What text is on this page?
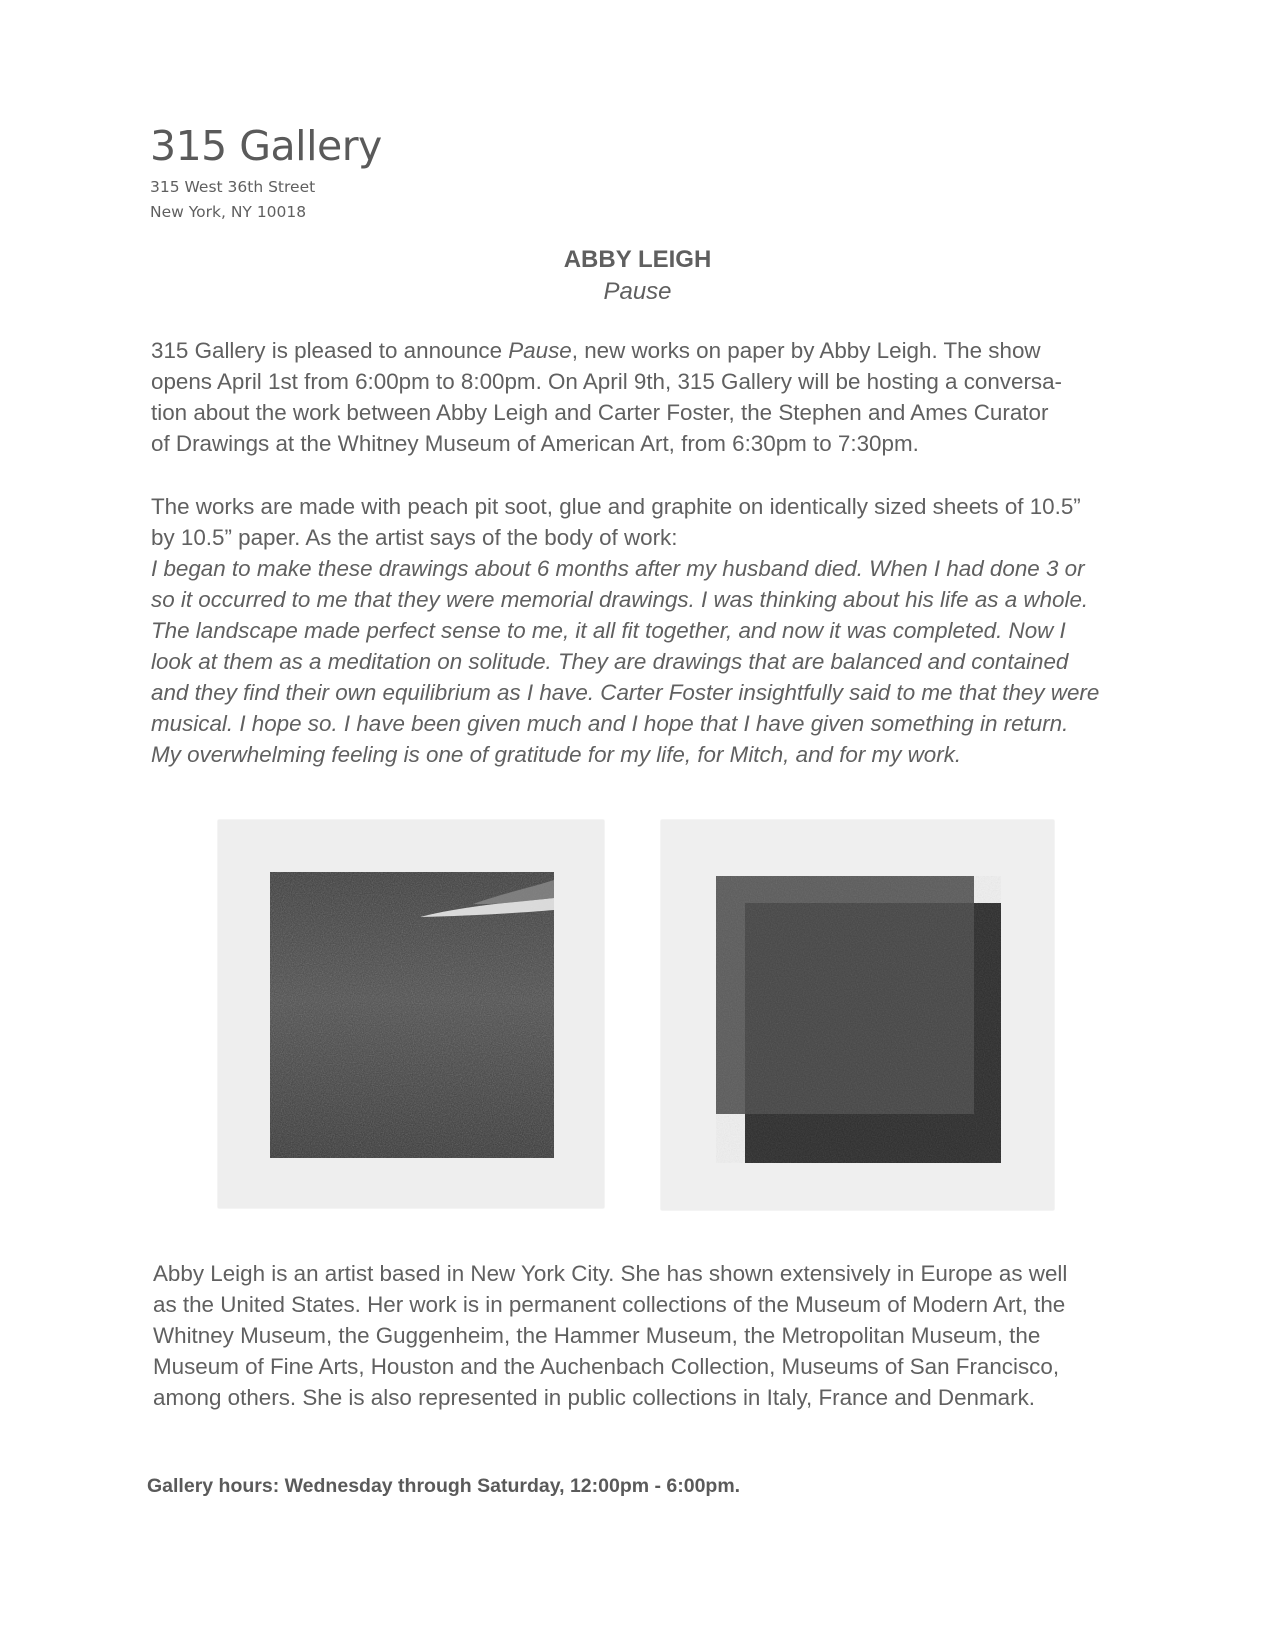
315 Gallery
315 West 36th Street
New York, NY 10018
ABBY LEIGH
Pause
315 Gallery is pleased to announce Pause, new works on paper by Abby Leigh. The show
opens April 1st from 6:00pm to 8:00pm. On April 9th, 315 Gallery will be hosting a conversa-
tion about the work between Abby Leigh and Carter Foster, the Stephen and Ames Curator
of Drawings at the Whitney Museum of American Art, from 6:30pm to 7:30pm.
The works are made with peach pit soot, glue and graphite on identically sized sheets of 10.5”
by 10.5” paper. As the artist says of the body of work:
I began to make these drawings about 6 months after my husband died. When I had done 3 or
so it occurred to me that they were memorial drawings. I was thinking about his life as a whole.
The landscape made perfect sense to me, it all fit together, and now it was completed. Now I
look at them as a meditation on solitude. They are drawings that are balanced and contained
and they find their own equilibrium as I have. Carter Foster insightfully said to me that they were
musical. I hope so. I have been given much and I hope that I have given something in return.
My overwhelming feeling is one of gratitude for my life, for Mitch, and for my work.
Abby Leigh is an artist based in New York City. She has shown extensively in Europe as well
as the United States. Her work is in permanent collections of the Museum of Modern Art, the
Whitney Museum, the Guggenheim, the Hammer Museum, the Metropolitan Museum, the
Museum of Fine Arts, Houston and the Auchenbach Collection, Museums of San Francisco,
among others. She is also represented in public collections in Italy, France and Denmark.
Gallery hours: Wednesday through Saturday, 12:00pm - 6:00pm.
